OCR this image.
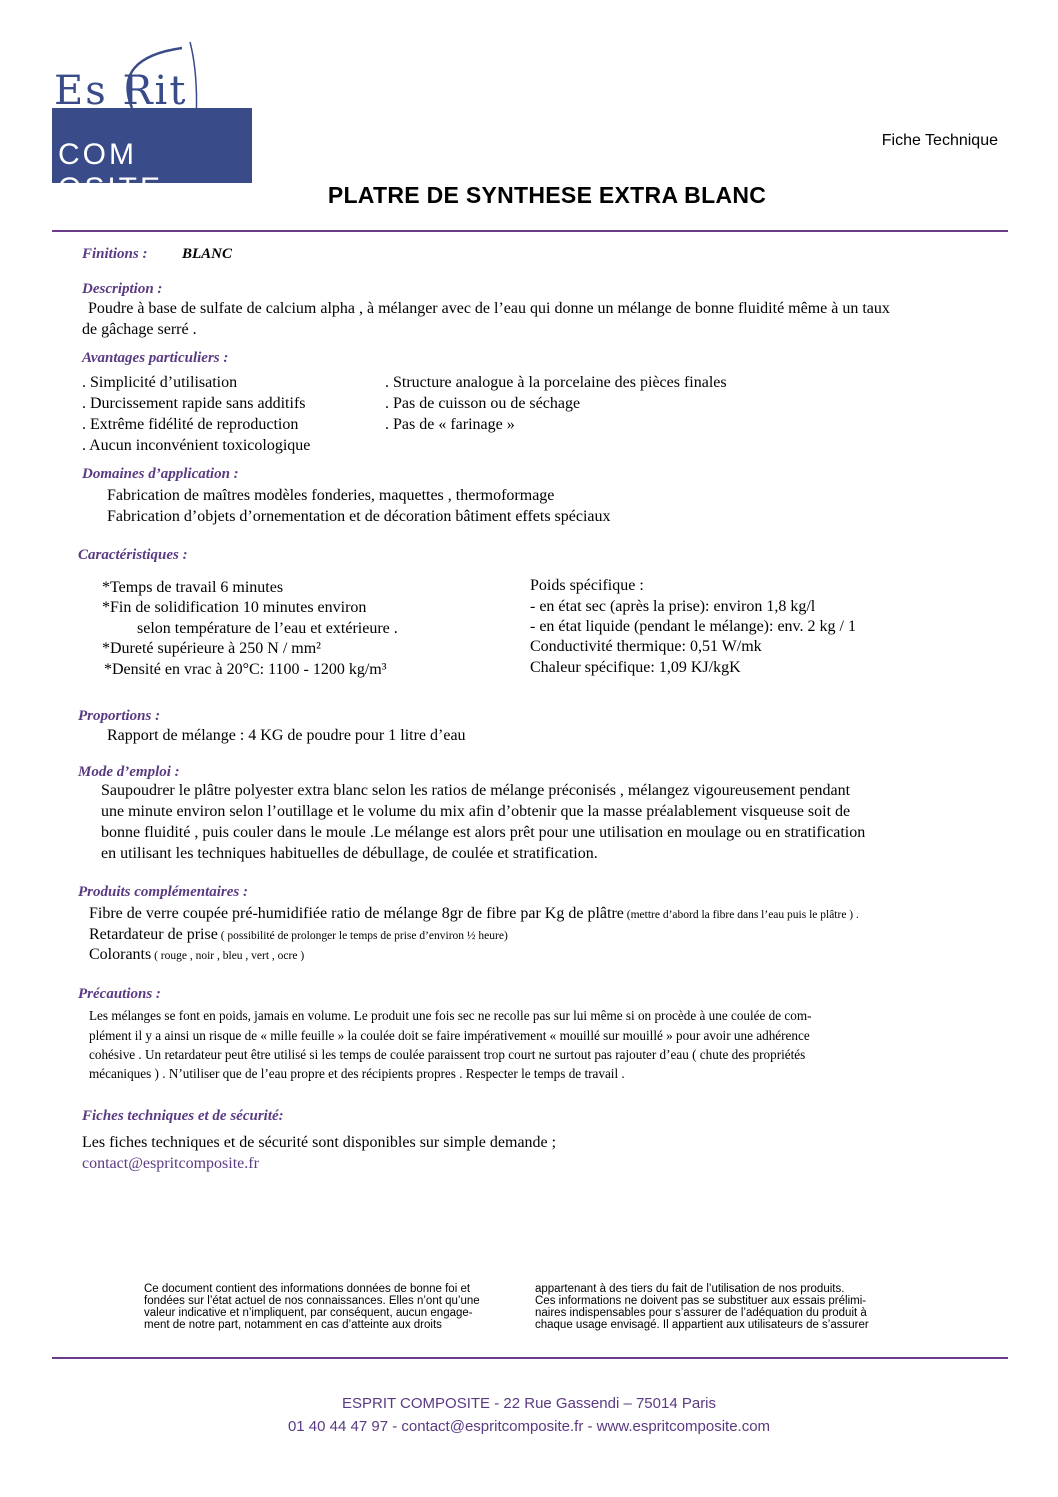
Es Rit
COM OSITE
Fiche Technique
PLATRE DE SYNTHESE EXTRA BLANC
Finitions : BLANC
Description :
Poudre à base de sulfate de calcium alpha , à mélanger avec de l’eau qui donne un mélange de bonne fluidité même à un taux
de gâchage serré .
Avantages particuliers :
. Simplicité d’utilisation
. Durcissement rapide sans additifs
. Extrême fidélité de reproduction
. Aucun inconvénient toxicologique
. Structure analogue à la porcelaine des pièces finales
. Pas de cuisson ou de séchage
. Pas de « farinage »
Domaines d’application :
Fabrication de maîtres modèles fonderies, maquettes , thermoformage
Fabrication d’objets d’ornementation et de décoration bâtiment effets spéciaux
Caractéristiques :
*Temps de travail 6 minutes
*Fin de solidification 10 minutes environ
selon température de l’eau et extérieure .
*Dureté supérieure à 250 N / mm²
*Densité en vrac à 20°C: 1100 - 1200 kg/m³
Poids spécifique :
- en état sec (après la prise): environ 1,8 kg/l
- en état liquide (pendant le mélange): env. 2 kg / 1
Conductivité thermique: 0,51 W/mk
Chaleur spécifique: 1,09 KJ/kgK
Proportions :
Rapport de mélange : 4 KG de poudre pour 1 litre d’eau
Mode d’emploi :
Saupoudrer le plâtre polyester extra blanc selon les ratios de mélange préconisés , mélangez vigoureusement pendant
une minute environ selon l’outillage et le volume du mix afin d’obtenir que la masse préalablement visqueuse soit de
bonne fluidité , puis couler dans le moule .Le mélange est alors prêt pour une utilisation en moulage ou en stratification
en utilisant les techniques habituelles de débullage, de coulée et stratification.
Produits complémentaires :
Fibre de verre coupée pré-humidifiée ratio de mélange 8gr de fibre par Kg de plâtre (mettre d’abord la fibre dans l’eau puis le plâtre ) .
Retardateur de prise ( possibilité de prolonger le temps de prise d’environ ½ heure)
Colorants ( rouge , noir , bleu , vert , ocre )
Précautions :
Les mélanges se font en poids, jamais en volume. Le produit une fois sec ne recolle pas sur lui même si on procède à une coulée de com-
plément il y a ainsi un risque de « mille feuille » la coulée doit se faire impérativement « mouillé sur mouillé » pour avoir une adhérence
cohésive . Un retardateur peut être utilisé si les temps de coulée paraissent trop court ne surtout pas rajouter d’eau ( chute des propriétés
mécaniques ) . N’utiliser que de l’eau propre et des récipients propres . Respecter le temps de travail .
Fiches techniques et de sécurité:
Les fiches techniques et de sécurité sont disponibles sur simple demande ;
contact@espritcomposite.fr
Ce document contient des informations données de bonne foi et
fondées sur l’état actuel de nos connaissances. Elles n’ont qu’une
valeur indicative et n’impliquent, par conséquent, aucun engage-
ment de notre part, notamment en cas d’atteinte aux droits
appartenant à des tiers du fait de l’utilisation de nos produits.
Ces informations ne doivent pas se substituer aux essais prélimi-
naires indispensables pour s’assurer de l’adéquation du produit à
chaque usage envisagé. Il appartient aux utilisateurs de s’assurer
ESPRIT COMPOSITE - 22 Rue Gassendi – 75014 Paris
01 40 44 47 97 - contact@espritcomposite.fr - www.espritcomposite.com
